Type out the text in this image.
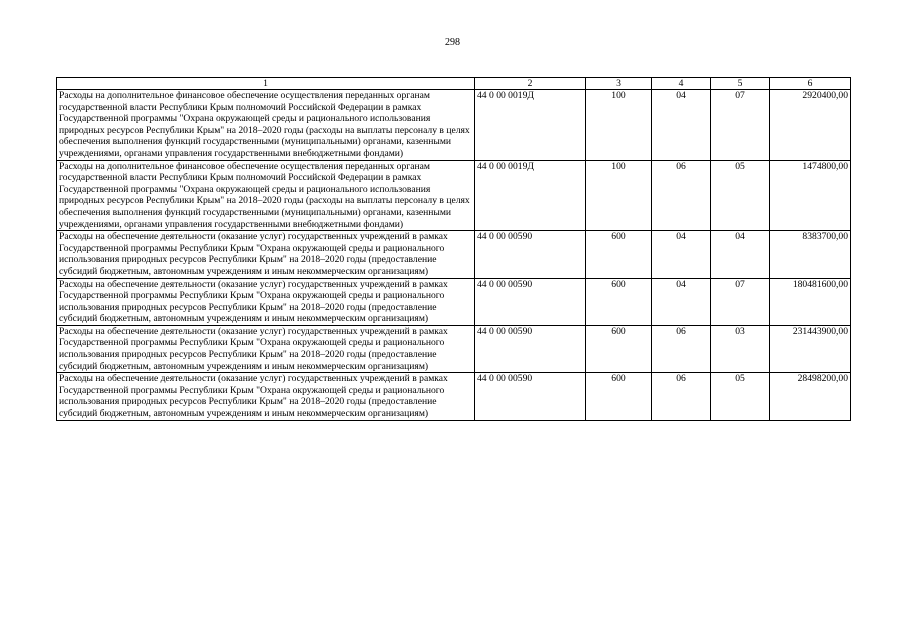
298
1	2	3	4	5	6
Расходы на дополнительное финансовое обеспечение осуществления переданных органам государственной власти Республики Крым полномочий Российской Федерации в рамках Государственной программы "Охрана окружающей среды и рационального использования природных ресурсов Республики Крым" на 2018–2020 годы (расходы на выплаты персоналу в целях обеспечения выполнения функций государственными (муниципальными) органами, казенными учреждениями, органами управления государственными внебюджетными фондами)	44 0 00 0019Д	100	04	07	2920400,00
Расходы на дополнительное финансовое обеспечение осуществления переданных органам государственной власти Республики Крым полномочий Российской Федерации в рамках Государственной программы "Охрана окружающей среды и рационального использования природных ресурсов Республики Крым" на 2018–2020 годы (расходы на выплаты персоналу в целях обеспечения выполнения функций государственными (муниципальными) органами, казенными учреждениями, органами управления государственными внебюджетными фондами)	44 0 00 0019Д	100	06	05	1474800,00
Расходы на обеспечение деятельности (оказание услуг) государственных учреждений в рамках Государственной программы Республики Крым "Охрана окружающей среды и рационального использования природных ресурсов Республики Крым" на 2018–2020 годы (предоставление субсидий бюджетным, автономным учреждениям и иным некоммерческим организациям)	44 0 00 00590	600	04	04	8383700,00
Расходы на обеспечение деятельности (оказание услуг) государственных учреждений в рамках Государственной программы Республики Крым "Охрана окружающей среды и рационального использования природных ресурсов Республики Крым" на 2018–2020 годы (предоставление субсидий бюджетным, автономным учреждениям и иным некоммерческим организациям)	44 0 00 00590	600	04	07	180481600,00
Расходы на обеспечение деятельности (оказание услуг) государственных учреждений в рамках Государственной программы Республики Крым "Охрана окружающей среды и рационального использования природных ресурсов Республики Крым" на 2018–2020 годы (предоставление субсидий бюджетным, автономным учреждениям и иным некоммерческим организациям)	44 0 00 00590	600	06	03	231443900,00
Расходы на обеспечение деятельности (оказание услуг) государственных учреждений в рамках Государственной программы Республики Крым "Охрана окружающей среды и рационального использования природных ресурсов Республики Крым" на 2018–2020 годы (предоставление субсидий бюджетным, автономным учреждениям и иным некоммерческим организациям)	44 0 00 00590	600	06	05	28498200,00
